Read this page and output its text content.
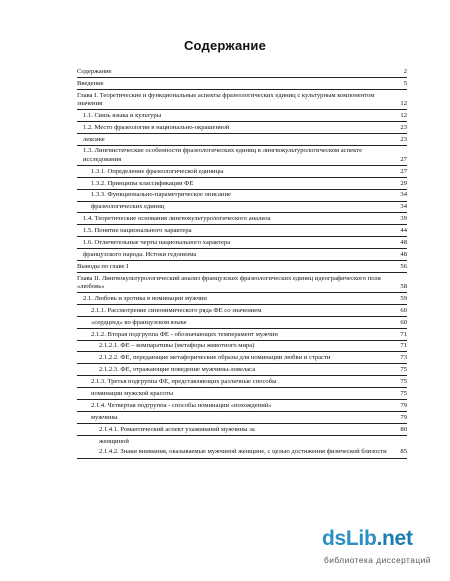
Содержание
Содержание	2
Введение	5
Глава I. Теоретические и функциональные аспекты фразеологических единиц с культурным компонентом значения	12
1.1. Связь языка и культуры	12
1.2. Место фразеологии в национально-окрашенной	23
лексике	23
1.3. Лингвистические особенности фразеологических единиц в лингвокультурологическом аспекте исследования	27
1.3.1. Определение фразеологической единицы	27
1.3.2. Принципы классификации ФЕ	29
1.3.3. Функционально-параметрическое описание	34
фразеологических единиц	34
1.4. Теоретические основания лингвокультурологического анализа	39
1.5. Понятие национального характера	44
1.6. Отличительные черты национального характера	48
французского народа. Истоки гедонизма	48
Выводы по главе I	56
Глава II. Лингвокультурологический анализ французских фразеологических единиц идеографического поля «любовь»	58
2.1. Любовь и эротика в номинации мужчин	59
2.1.1. Рассмотрение синонимического ряда ФЕ со значением	60
«сердцеед» во французском языке	60
2.1.2. Вторая подгруппа ФЕ - обозначающих темперамент мужчин	71
2.1.2.1. ФЕ – компаративы (метафоры животного мира)	71
2.1.2.2. ФЕ, передающие метафорические образы для номинации любви и страсти	73
2.1.2.3. ФЕ, отражающие поведение мужчины-ловеласа	75
2.1.3. Третья подгруппа ФЕ, представляющих различные способы	75
номинации мужской красоты	75
2.1.4. Четвертая подгруппа - способы номинации «похождений»	79
мужчины	79
2.1.4.1. Романтический аспект ухаживаний мужчины за	80
женщиной
2.1.4.2. Знаки внимания, оказываемые мужчиной женщине, с целью достижения физической близости	85
dsLib.net
библиотека диссертаций
